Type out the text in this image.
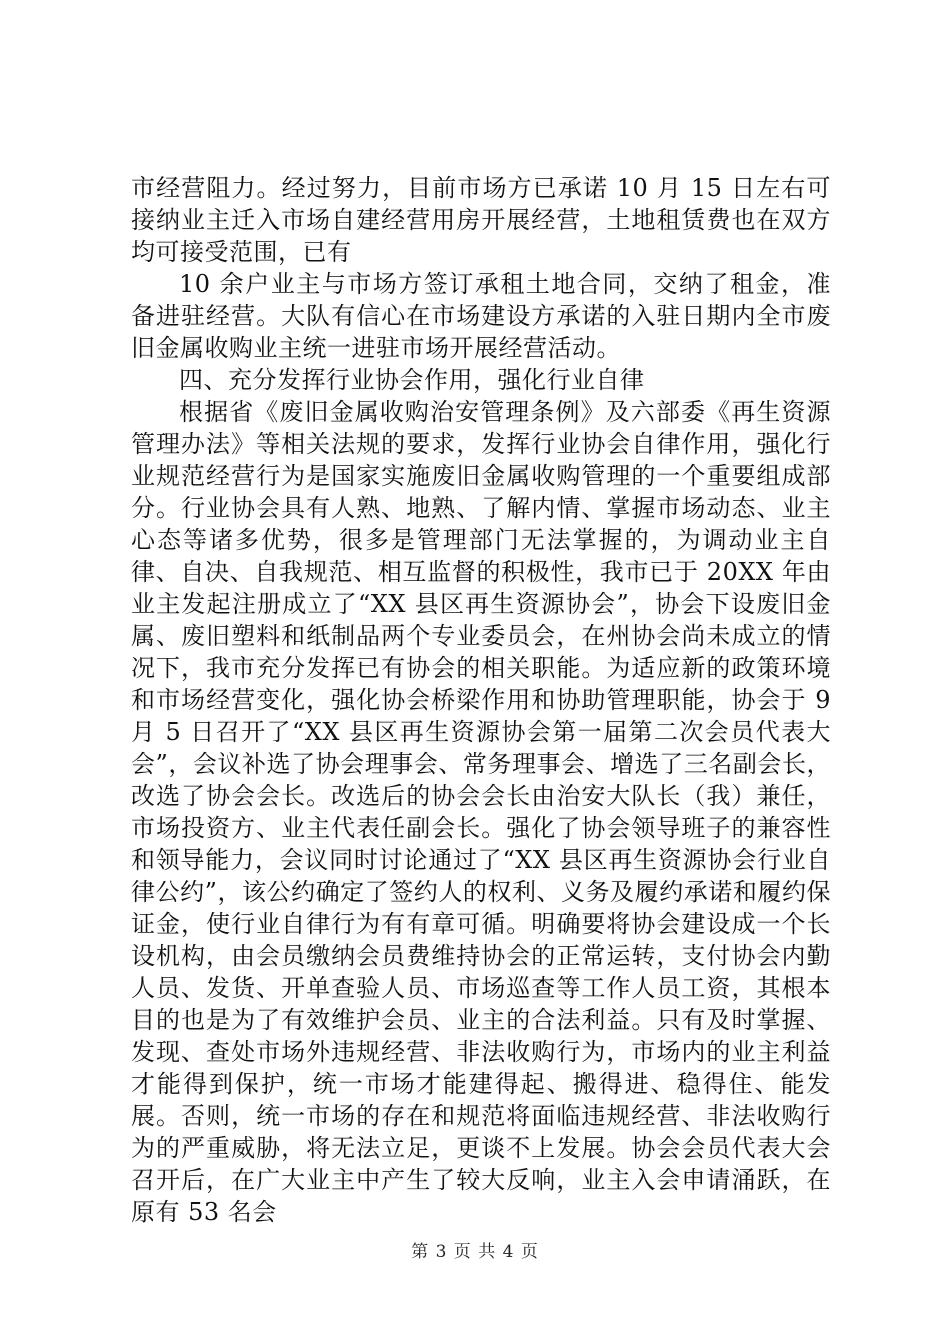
市经营阻力。经过努力，目前市场方已承诺 10 月 15 日左右可接纳业主迁入市场自建经营用房开展经营，土地租赁费也在双方均可接受范围，已有

10 余户业主与市场方签订承租土地合同，交纳了租金，准备进驻经营。大队有信心在市场建设方承诺的入驻日期内全市废旧金属收购业主统一进驻市场开展经营活动。

四、充分发挥行业协会作用，强化行业自律

根据省《废旧金属收购治安管理条例》及六部委《再生资源管理办法》等相关法规的要求，发挥行业协会自律作用，强化行业规范经营行为是国家实施废旧金属收购管理的一个重要组成部分。行业协会具有人熟、地熟、了解内情、掌握市场动态、业主心态等诸多优势，很多是管理部门无法掌握的，为调动业主自律、自决、自我规范、相互监督的积极性，我市已于 20XX 年由业主发起注册成立了“XX 县区再生资源协会”，协会下设废旧金属、废旧塑料和纸制品两个专业委员会，在州协会尚未成立的情况下，我市充分发挥已有协会的相关职能。为适应新的政策环境和市场经营变化，强化协会桥梁作用和协助管理职能，协会于 9 月 5 日召开了“XX 县区再生资源协会第一届第二次会员代表大会”，会议补选了协会理事会、常务理事会、增选了三名副会长，改选了协会会长。改选后的协会会长由治安大队长（我）兼任，市场投资方、业主代表任副会长。强化了协会领导班子的兼容性和领导能力，会议同时讨论通过了“XX 县区再生资源协会行业自律公约”，该公约确定了签约人的权利、义务及履约承诺和履约保证金，使行业自律行为有有章可循。明确要将协会建设成一个长设机构，由会员缴纳会员费维持协会的正常运转，支付协会内勤人员、发货、开单查验人员、市场巡查等工作人员工资，其根本目的也是为了有效维护会员、业主的合法利益。只有及时掌握、发现、查处市场外违规经营、非法收购行为，市场内的业主利益才能得到保护，统一市场才能建得起、搬得进、稳得住、能发展。否则，统一市场的存在和规范将面临违规经营、非法收购行为的严重威胁，将无法立足，更谈不上发展。协会会员代表大会召开后，在广大业主中产生了较大反响，业主入会申请涌跃，在原有 53 名会

第 3 页 共 4 页
